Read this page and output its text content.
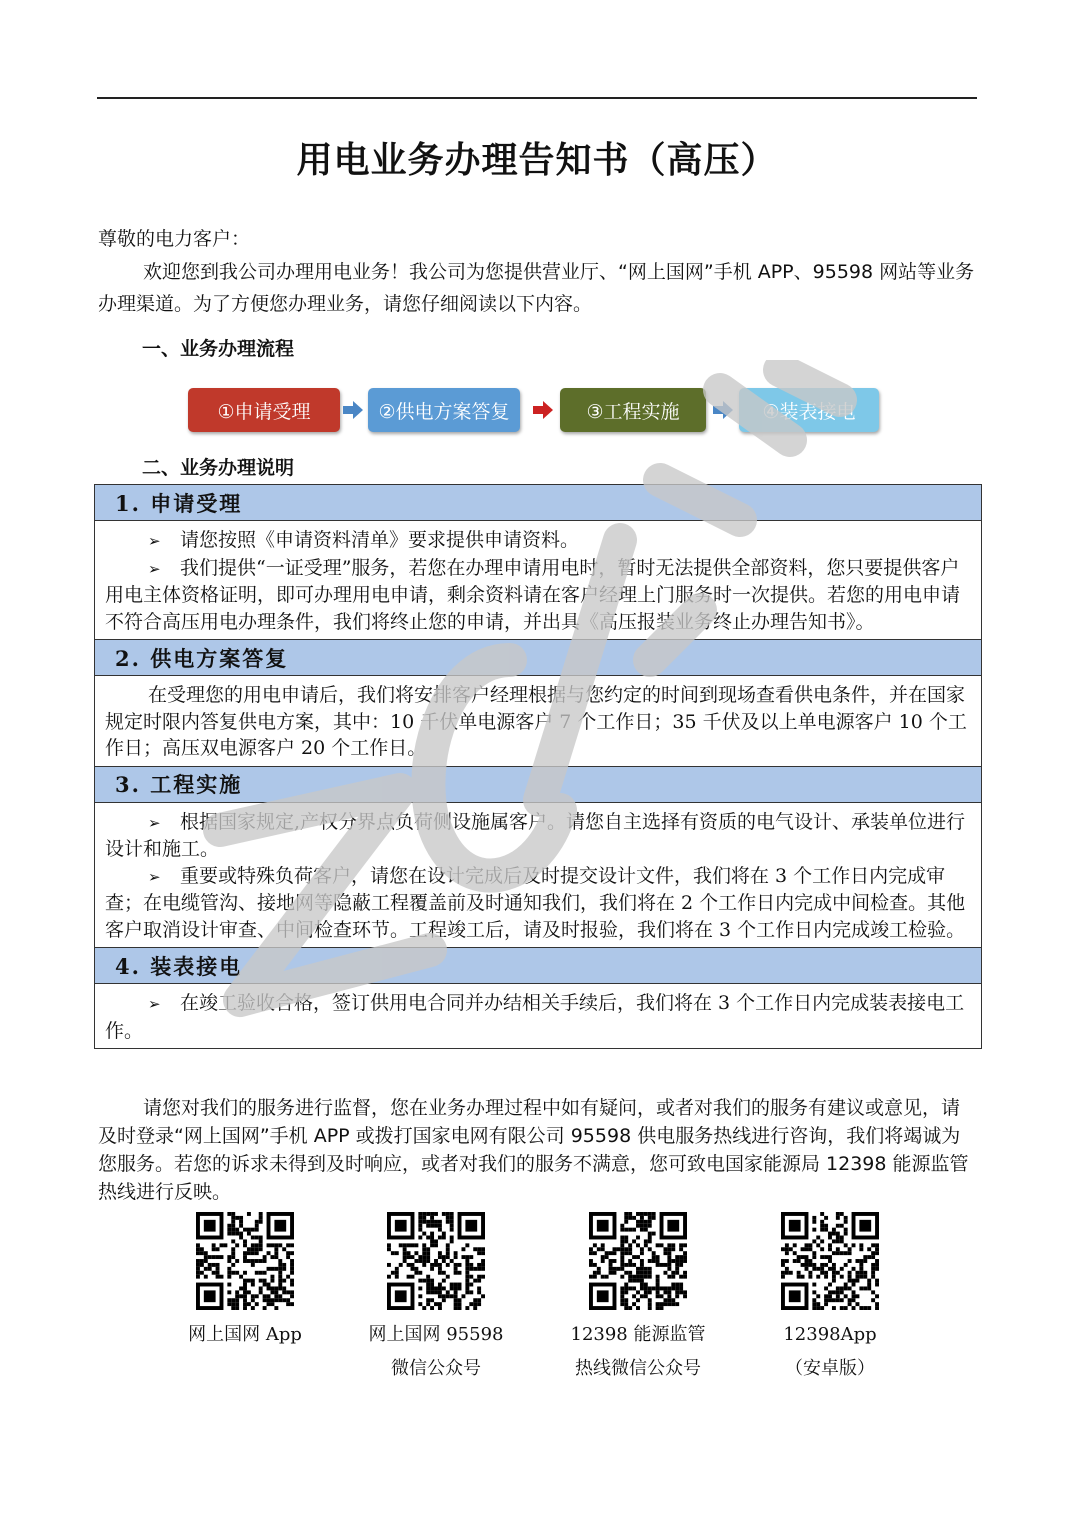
用电业务办理告知书（高压）
尊敬的电力客户：
欢迎您到我公司办理用电业务！我公司为您提供营业厅、“网上国网”手机 APP、95598 网站等业务办理渠道。为了方便您办理业务，请您仔细阅读以下内容。
一、业务办理流程
①申请受理	②供电方案答复	③工程实施	④装表接电
二、业务办理说明
1. 申请受理

➢ 请您按照《申请资料清单》要求提供申请资料。

➢ 我们提供“一证受理”服务，若您在办理申请用电时，暂时无法提供全部资料，您只要提供客户用电主体资格证明，即可办理用电申请，剩余资料请在客户经理上门服务时一次提供。若您的用电申请不符合高压用电办理条件，我们将终止您的申请，并出具《高压报装业务终止办理告知书》。

2. 供电方案答复

在受理您的用电申请后，我们将安排客户经理根据与您约定的时间到现场查看供电条件，并在国家规定时限内答复供电方案，其中：10 千伏单电源客户 7 个工作日；35 千伏及以上单电源客户 10 个工作日；高压双电源客户 20 个工作日。

3. 工程实施

➢ 根据国家规定,产权分界点负荷侧设施属客户。请您自主选择有资质的电气设计、承装单位进行设计和施工。

➢ 重要或特殊负荷客户，请您在设计完成后及时提交设计文件，我们将在 3 个工作日内完成审查；在电缆管沟、接地网等隐蔽工程覆盖前及时通知我们，我们将在 2 个工作日内完成中间检查。其他客户取消设计审查、中间检查环节。工程竣工后，请及时报验，我们将在 3 个工作日内完成竣工检验。

4. 装表接电

➢ 在竣工验收合格，签订供用电合同并办结相关手续后，我们将在 3 个工作日内完成装表接电工作。

请您对我们的服务进行监督，您在业务办理过程中如有疑问，或者对我们的服务有建议或意见，请及时登录“网上国网”手机 APP 或拨打国家电网有限公司 95598 供电服务热线进行咨询，我们将竭诚为您服务。若您的诉求未得到及时响应，或者对我们的服务不满意，您可致电国家能源局 12398 能源监管热线进行反映。
网上国网 App	网上国网 95598
微信公众号
12398 能源监管
热线微信公众号
12398App
（安卓版）
